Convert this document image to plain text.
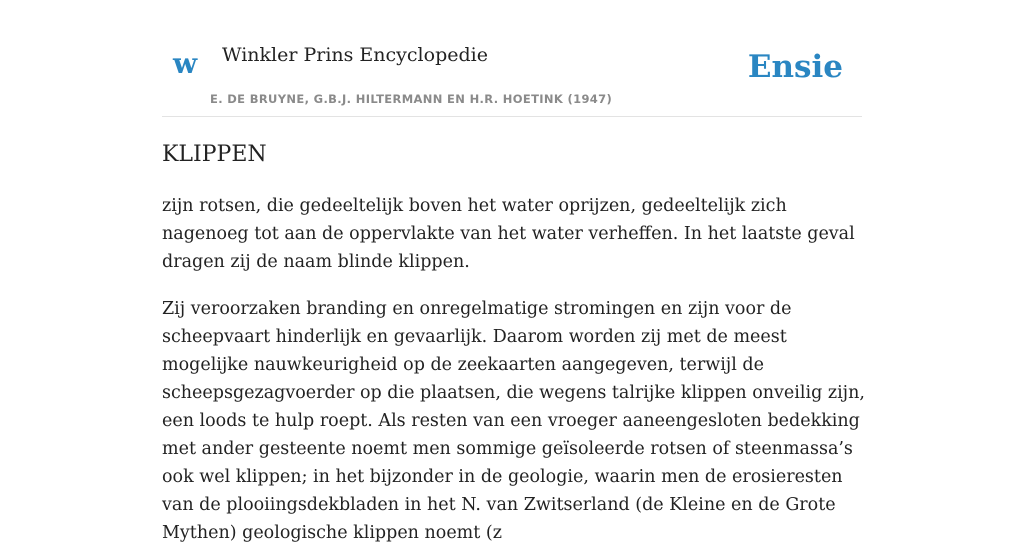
w Winkler Prins Encyclopedie
E. DE BRUYNE, G.B.J. HILTERMANN EN H.R. HOETINK (1947)
Ensie
KLIPPEN

zijn rotsen, die gedeeltelijk boven het water oprijzen, gedeeltelijk zich nagenoeg tot aan de oppervlakte van het water verheffen. In het laatste geval dragen zij de naam blinde klippen.

Zij veroorzaken branding en onregelmatige stromingen en zijn voor de scheepvaart hinderlijk en gevaarlijk. Daarom worden zij met de meest mogelijke nauwkeurigheid op de zeekaarten aangegeven, terwijl de scheepsgezagvoerder op die plaatsen, die wegens talrijke klippen onveilig zijn, een loods te hulp roept. Als resten van een vroeger aaneengesloten bedekking met ander gesteente noemt men sommige geïsoleerde rotsen of steenmassa’s ook wel klippen; in het bijzonder in de geologie, waarin men de erosieresten van de plooiingsdekbladen in het N. van Zwitserland (de Kleine en de Grote Mythen) geologische klippen noemt (z
